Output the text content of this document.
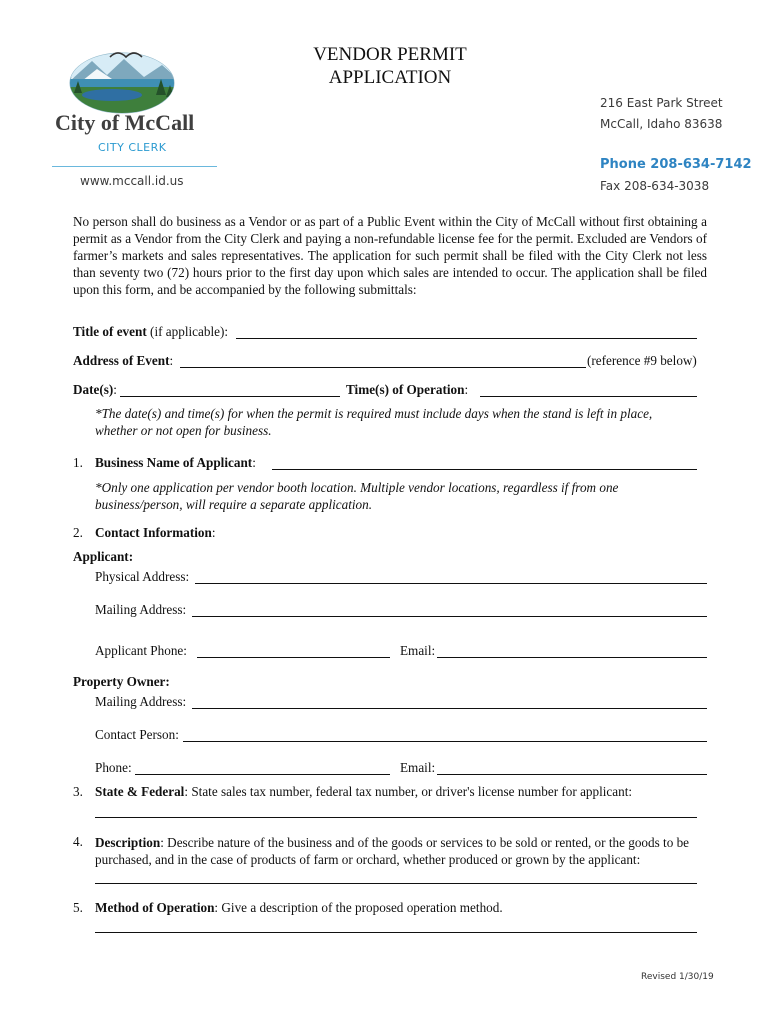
VENDOR PERMIT
APPLICATION
City of McCall
CITY CLERK
www.mccall.id.us
216 East Park Street
McCall, Idaho 83638
Phone 208-634-7142
Fax 208-634-3038
No person shall do business as a Vendor or as part of a Public Event within the City of McCall without first obtaining a permit as a Vendor from the City Clerk and paying a non-refundable license fee for the permit. Excluded are Vendors of farmer’s markets and sales representatives. The application for such permit shall be filed with the City Clerk not less than seventy two (72) hours prior to the first day upon which sales are intended to occur. The application shall be filed upon this form, and be accompanied by the following submittals:
Title of event (if applicable):
Address of Event:	(reference #9 below)
Date(s):	Time(s) of Operation:
*The date(s) and time(s) for when the permit is required must include days when the stand is left in place, whether or not open for business.
1. Business Name of Applicant:
*Only one application per vendor booth location. Multiple vendor locations, regardless if from one business/person, will require a separate application.
2. Contact Information:
Applicant:
Physical Address:
Mailing Address:
Applicant Phone:	Email:
Property Owner:
Mailing Address:
Contact Person:
Phone:	Email:
3. State & Federal: State sales tax number, federal tax number, or driver's license number for applicant:
4. Description: Describe nature of the business and of the goods or services to be sold or rented, or the goods to be purchased, and in the case of products of farm or orchard, whether produced or grown by the applicant:
5. Method of Operation: Give a description of the proposed operation method.
Revised 1/30/19
